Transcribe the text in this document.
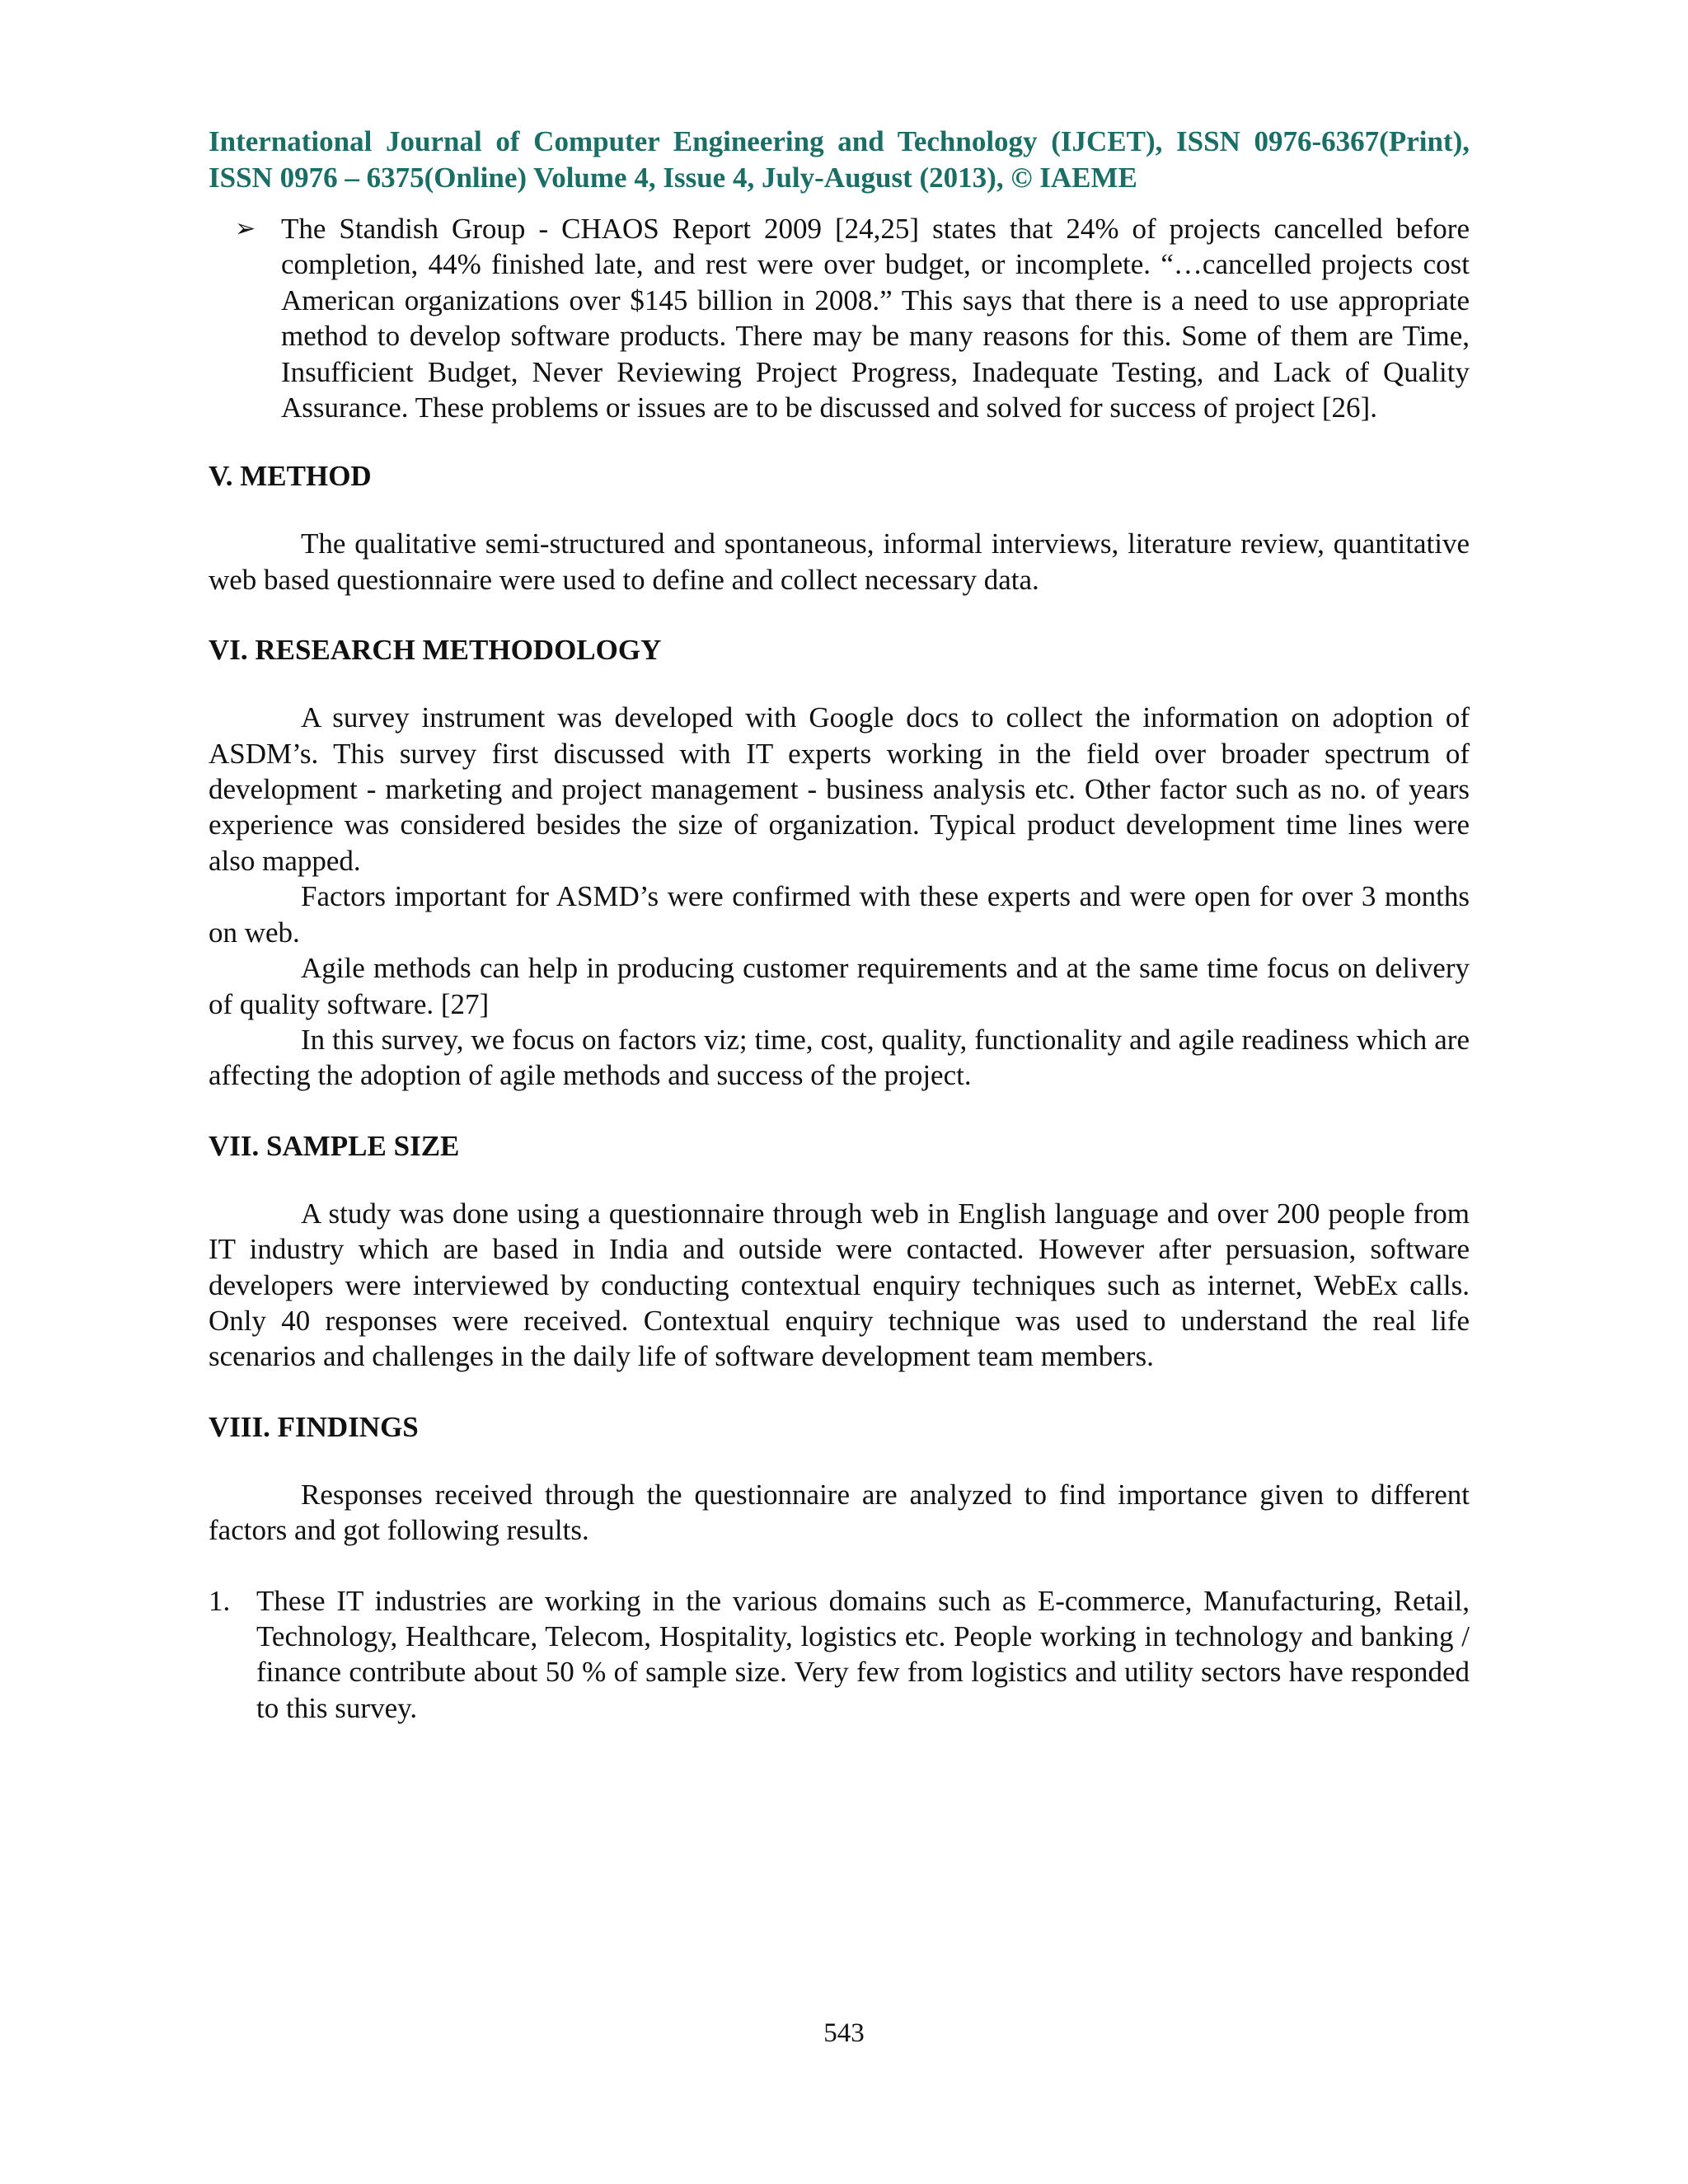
International Journal of Computer Engineering and Technology (IJCET), ISSN 0976-6367(Print), ISSN 0976 – 6375(Online) Volume 4, Issue 4, July-August (2013), © IAEME

➢ The Standish Group - CHAOS Report 2009 [24,25] states that 24% of projects cancelled before completion, 44% finished late, and rest were over budget, or incomplete. “…cancelled projects cost American organizations over $145 billion in 2008.” This says that there is a need to use appropriate method to develop software products. There may be many reasons for this. Some of them are Time, Insufficient Budget, Never Reviewing Project Progress, Inadequate Testing, and Lack of Quality Assurance. These problems or issues are to be discussed and solved for success of project [26].
V. METHOD

The qualitative semi-structured and spontaneous, informal interviews, literature review, quantitative web based questionnaire were used to define and collect necessary data.

VI. RESEARCH METHODOLOGY

A survey instrument was developed with Google docs to collect the information on adoption of ASDM’s. This survey first discussed with IT experts working in the field over broader spectrum of development - marketing and project management - business analysis etc. Other factor such as no. of years experience was considered besides the size of organization. Typical product development time lines were also mapped.

Factors important for ASMD’s were confirmed with these experts and were open for over 3 months on web.

Agile methods can help in producing customer requirements and at the same time focus on delivery of quality software. [27]

In this survey, we focus on factors viz; time, cost, quality, functionality and agile readiness which are affecting the adoption of agile methods and success of the project.

VII. SAMPLE SIZE

A study was done using a questionnaire through web in English language and over 200 people from IT industry which are based in India and outside were contacted. However after persuasion, software developers were interviewed by conducting contextual enquiry techniques such as internet, WebEx calls. Only 40 responses were received. Contextual enquiry technique was used to understand the real life scenarios and challenges in the daily life of software development team members.

VIII. FINDINGS

Responses received through the questionnaire are analyzed to find importance given to different factors and got following results.

1. These IT industries are working in the various domains such as E-commerce, Manufacturing, Retail, Technology, Healthcare, Telecom, Hospitality, logistics etc. People working in technology and banking / finance contribute about 50 % of sample size. Very few from logistics and utility sectors have responded to this survey.
543
